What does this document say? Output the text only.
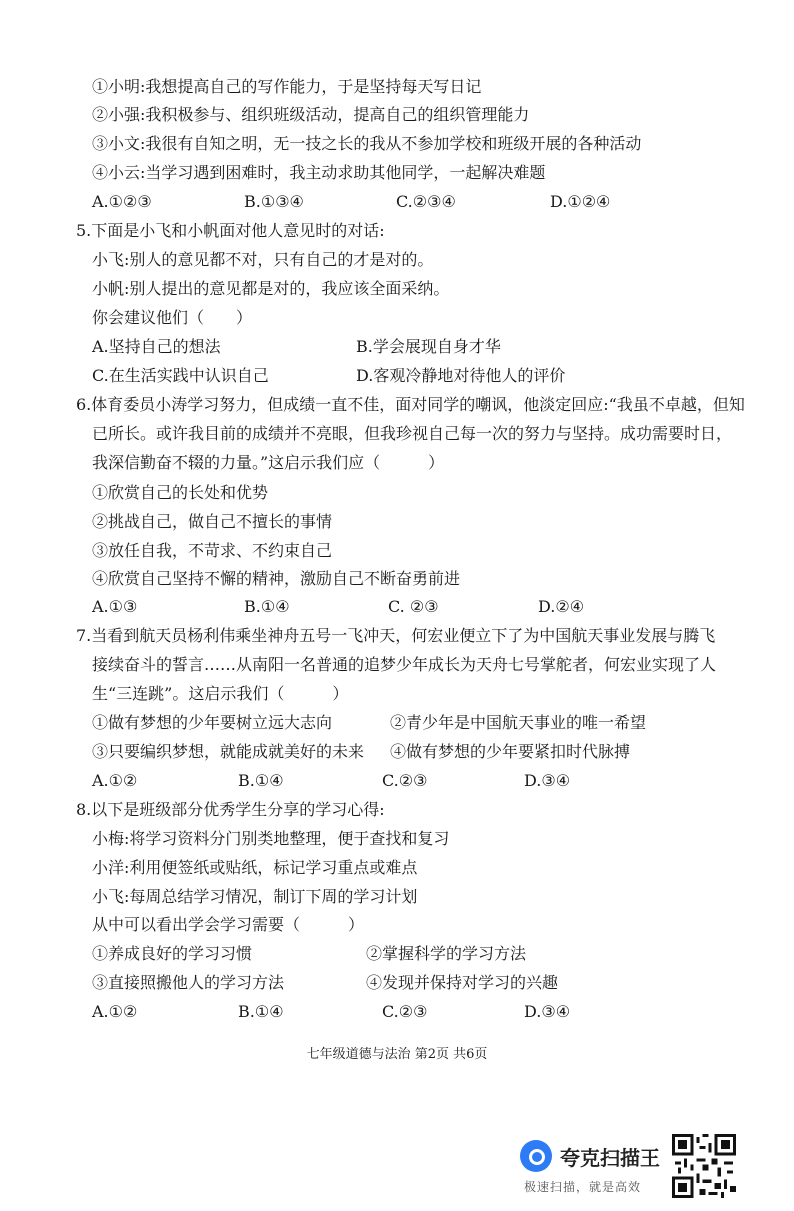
①小明:我想提高自己的写作能力，于是坚持每天写日记
②小强:我积极参与、组织班级活动，提高自己的组织管理能力
③小文:我很有自知之明，无一技之长的我从不参加学校和班级开展的各种活动
④小云:当学习遇到困难时，我主动求助其他同学，一起解决难题
A.①②③	B.①③④	C.②③④	D.①②④
5.下面是小飞和小帆面对他人意见时的对话:
小飞:别人的意见都不对，只有自己的才是对的。
小帆:别人提出的意见都是对的，我应该全面采纳。
你会建议他们（　　）
A.坚持自己的想法	B.学会展现自身才华
C.在生活实践中认识自己	D.客观冷静地对待他人的评价
6.体育委员小涛学习努力，但成绩一直不佳，面对同学的嘲讽，他淡定回应:“我虽不卓越，但知
已所长。或许我目前的成绩并不亮眼，但我珍视自己每一次的努力与坚持。成功需要时日，
我深信勤奋不辍的力量。”这启示我们应（　　　）
①欣赏自己的长处和优势
②挑战自己，做自己不擅长的事情
③放任自我，不苛求、不约束自己
④欣赏自己坚持不懈的精神，激励自己不断奋勇前进
A.①③	B.①④	C. ②③	D.②④
7.当看到航天员杨利伟乘坐神舟五号一飞冲天，何宏业便立下了为中国航天事业发展与腾飞
接续奋斗的誓言……从南阳一名普通的追梦少年成长为天舟七号掌舵者，何宏业实现了人
生“三连跳”。这启示我们（　　　）
①做有梦想的少年要树立远大志向	②青少年是中国航天事业的唯一希望
③只要编织梦想，就能成就美好的未来 ④做有梦想的少年要紧扣时代脉搏
A.①②	B.①④	C.②③	D.③④
8.以下是班级部分优秀学生分享的学习心得:
小梅:将学习资料分门别类地整理，便于查找和复习
小洋:利用便签纸或贴纸，标记学习重点或难点
小飞:每周总结学习情况，制订下周的学习计划
从中可以看出学会学习需要（　　　）
①养成良好的学习习惯	②掌握科学的学习方法
③直接照搬他人的学习方法	④发现并保持对学习的兴趣
A.①②	B.①④	C.②③	D.③④
七年级道德与法治 第2页 共6页
夸克扫描王
极速扫描，就是高效
